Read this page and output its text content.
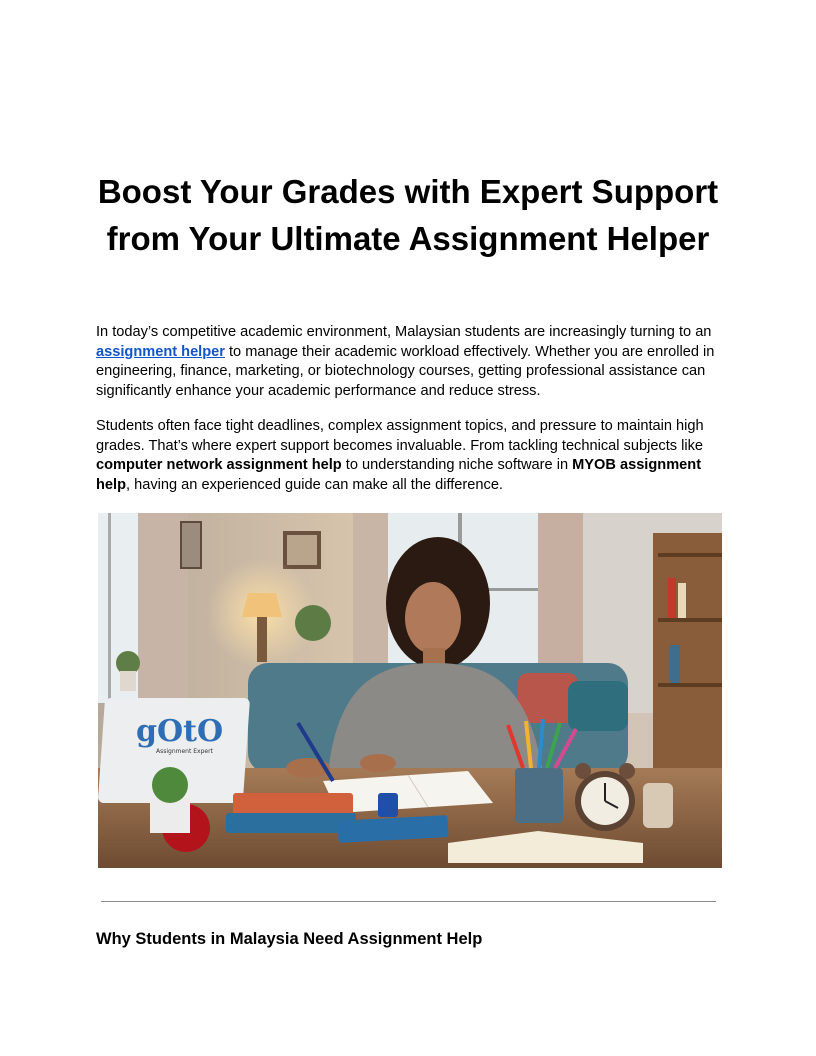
Boost Your Grades with Expert Support from Your Ultimate Assignment Helper

In today’s competitive academic environment, Malaysian students are increasingly turning to an assignment helper to manage their academic workload effectively. Whether you are enrolled in engineering, finance, marketing, or biotechnology courses, getting professional assistance can significantly enhance your academic performance and reduce stress.

Students often face tight deadlines, complex assignment topics, and pressure to maintain high grades. That’s where expert support becomes invaluable. From tackling technical subjects like computer network assignment help to understanding niche software in MYOB assignment help, having an experienced guide can make all the difference.

gOtO
Assignment Expert
Why Students in Malaysia Need Assignment Help
